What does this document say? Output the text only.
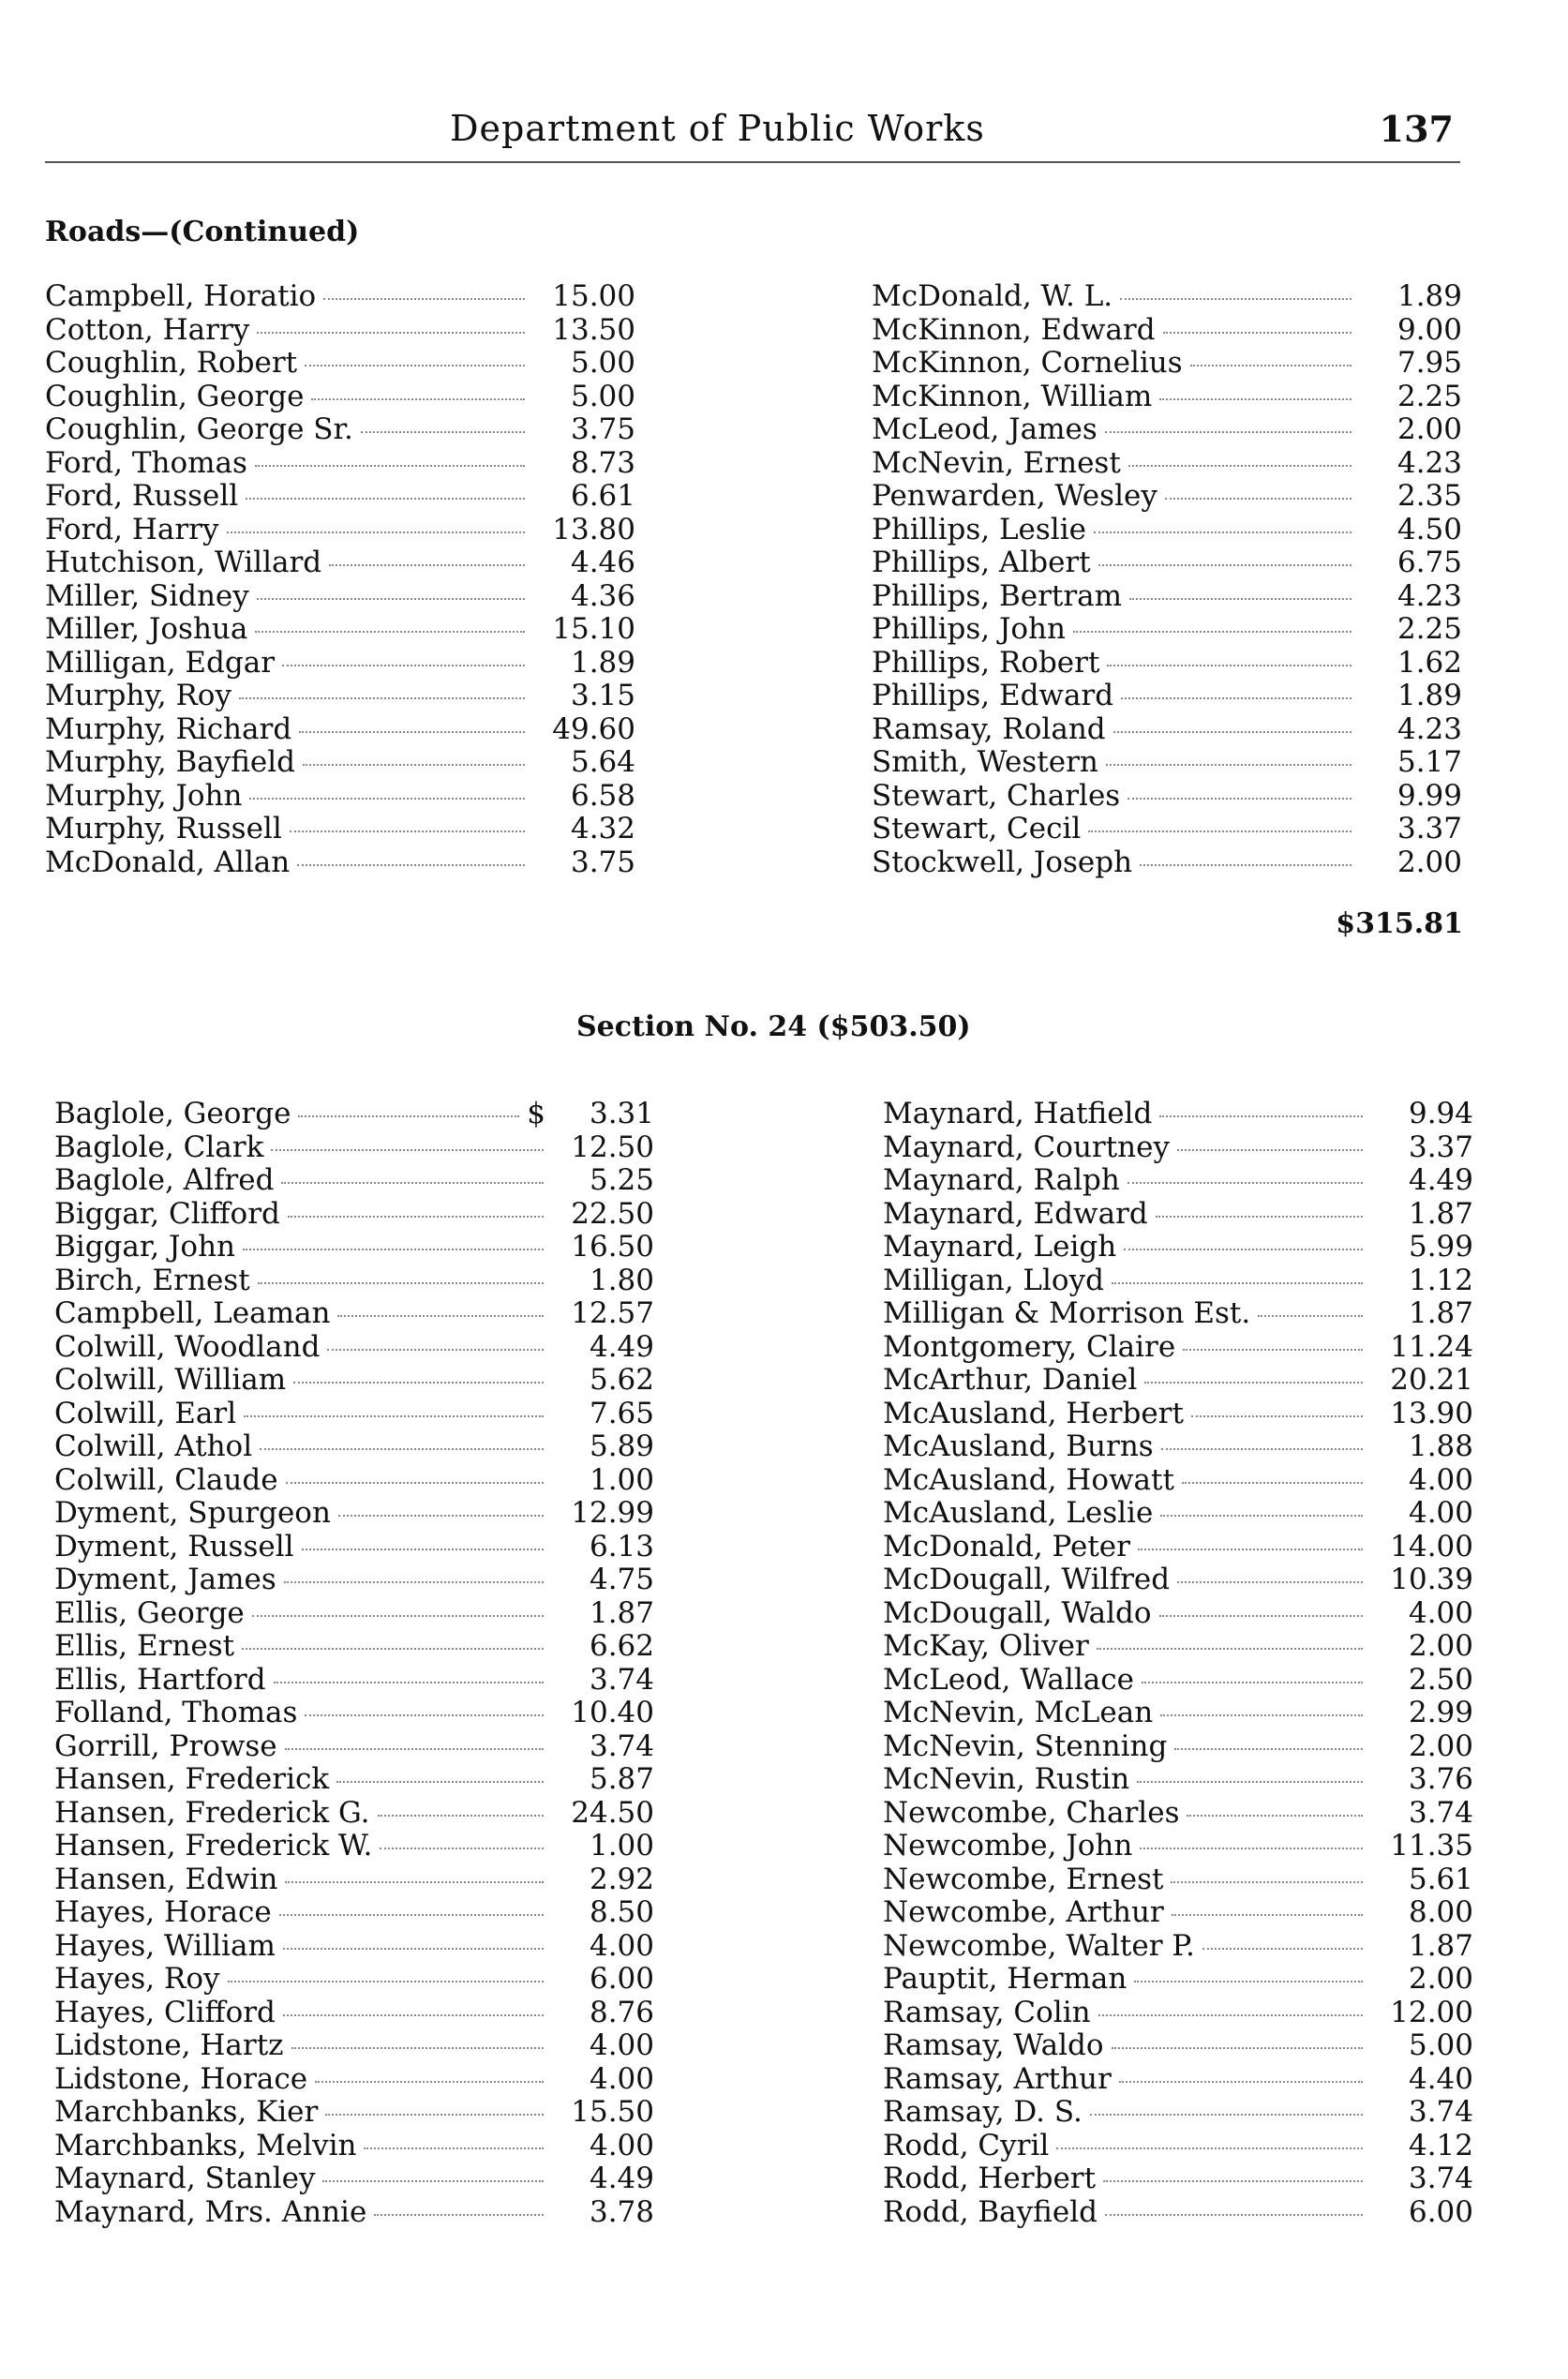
Department of Public Works	137
Roads—(Continued)
Campbell, Horatio	15.00
Cotton, Harry	13.50
Coughlin, Robert	5.00
Coughlin, George	5.00
Coughlin, George Sr.	3.75
Ford, Thomas	8.73
Ford, Russell	6.61
Ford, Harry	13.80
Hutchison, Willard	4.46
Miller, Sidney	4.36
Miller, Joshua	15.10
Milligan, Edgar	1.89
Murphy, Roy	3.15
Murphy, Richard	49.60
Murphy, Bayfield	5.64
Murphy, John	6.58
Murphy, Russell	4.32
McDonald, Allan	3.75
McDonald, W. L.	1.89
McKinnon, Edward	9.00
McKinnon, Cornelius	7.95
McKinnon, William	2.25
McLeod, James	2.00
McNevin, Ernest	4.23
Penwarden, Wesley	2.35
Phillips, Leslie	4.50
Phillips, Albert	6.75
Phillips, Bertram	4.23
Phillips, John	2.25
Phillips, Robert	1.62
Phillips, Edward	1.89
Ramsay, Roland	4.23
Smith, Western	5.17
Stewart, Charles	9.99
Stewart, Cecil	3.37
Stockwell, Joseph	2.00
$315.81
Section No. 24 ($503.50)
Baglole, George	$	3.31
Baglole, Clark	12.50
Baglole, Alfred	5.25
Biggar, Clifford	22.50
Biggar, John	16.50
Birch, Ernest	1.80
Campbell, Leaman	12.57
Colwill, Woodland	4.49
Colwill, William	5.62
Colwill, Earl	7.65
Colwill, Athol	5.89
Colwill, Claude	1.00
Dyment, Spurgeon	12.99
Dyment, Russell	6.13
Dyment, James	4.75
Ellis, George	1.87
Ellis, Ernest	6.62
Ellis, Hartford	3.74
Folland, Thomas	10.40
Gorrill, Prowse	3.74
Hansen, Frederick	5.87
Hansen, Frederick G.	24.50
Hansen, Frederick W.	1.00
Hansen, Edwin	2.92
Hayes, Horace	8.50
Hayes, William	4.00
Hayes, Roy	6.00
Hayes, Clifford	8.76
Lidstone, Hartz	4.00
Lidstone, Horace	4.00
Marchbanks, Kier	15.50
Marchbanks, Melvin	4.00
Maynard, Stanley	4.49
Maynard, Mrs. Annie	3.78
Maynard, Hatfield	9.94
Maynard, Courtney	3.37
Maynard, Ralph	4.49
Maynard, Edward	1.87
Maynard, Leigh	5.99
Milligan, Lloyd	1.12
Milligan & Morrison Est.	1.87
Montgomery, Claire	11.24
McArthur, Daniel	20.21
McAusland, Herbert	13.90
McAusland, Burns	1.88
McAusland, Howatt	4.00
McAusland, Leslie	4.00
McDonald, Peter	14.00
McDougall, Wilfred	10.39
McDougall, Waldo	4.00
McKay, Oliver	2.00
McLeod, Wallace	2.50
McNevin, McLean	2.99
McNevin, Stenning	2.00
McNevin, Rustin	3.76
Newcombe, Charles	3.74
Newcombe, John	11.35
Newcombe, Ernest	5.61
Newcombe, Arthur	8.00
Newcombe, Walter P.	1.87
Pauptit, Herman	2.00
Ramsay, Colin	12.00
Ramsay, Waldo	5.00
Ramsay, Arthur	4.40
Ramsay, D. S.	3.74
Rodd, Cyril	4.12
Rodd, Herbert	3.74
Rodd, Bayfield	6.00
